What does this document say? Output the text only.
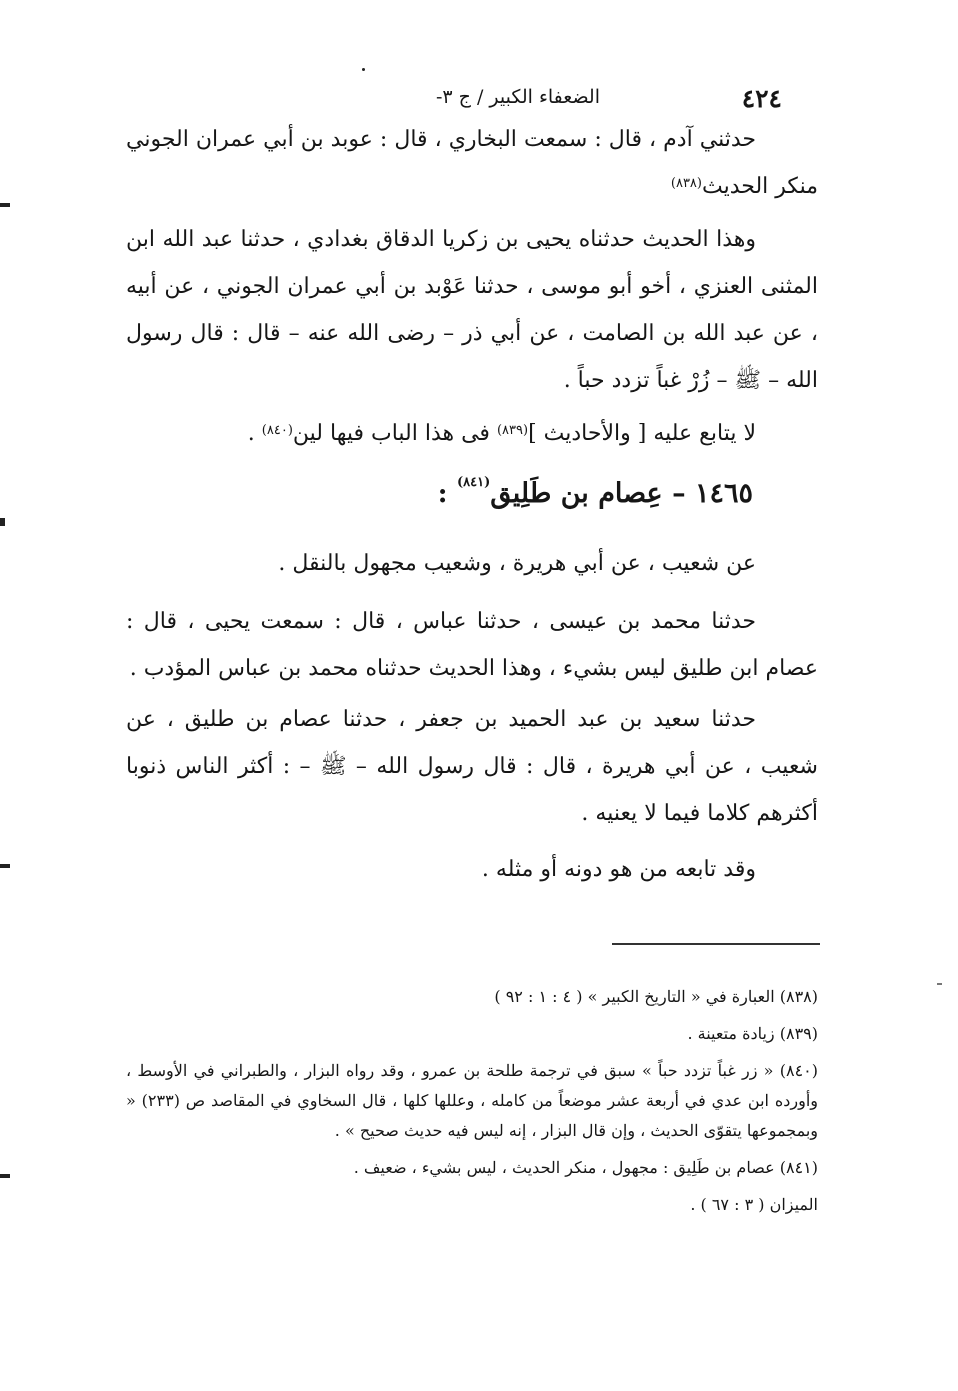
٤٢٤
الضعفاء الكبير / ج ٣-

حدثني آدم ، قال : سمعت البخاري ، قال : عوبد بن أبي عمران الجوني منكر الحديث$^{(٨٣٨)}$

وهذا الحديث حدثناه يحيى بن زكريا الدقاق بغدادي ، حدثنا عبد الله ابن المثنى العنزي ، أخو أبو موسى ، حدثنا عَوْبد بن أبي عمران الجوني ، عن أبيه ، عن عبد الله بن الصامت ، عن أبي ذر – رضى الله عنه – قال : قال رسول الله – ﷺ – زُرْ غباً تزدد حباً .

لا يتابع عليه [ والأحاديث ]$^{(٨٣٩)}$ فى هذا الباب فيها لين$^{(٨٤٠)}$ .

١٤٦٥ – عِصام بن طَلِيق$^{(٨٤١)}$ :

عن شعيب ، عن أبي هريرة ، وشعيب مجهول بالنقل .

حدثنا محمد بن عيسى ، حدثنا عباس ، قال : سمعت يحيى ، قال : عصام ابن طليق ليس بشيء ، وهذا الحديث حدثناه محمد بن عباس المؤدب .

حدثنا سعيد بن عبد الحميد بن جعفر ، حدثنا عصام بن طليق ، عن شعيب ، عن أبي هريرة ، قال : قال رسول الله – ﷺ – : أكثر الناس ذنوبا أكثرهم كلاما فيما لا يعنيه .

وقد تابعه من هو دونه أو مثله .

(٨٣٨) العبارة في « التاريخ الكبير » ( ٤ : ١ : ٩٢ )

(٨٣٩) زيادة متعينة .

(٨٤٠) « زر غباً تزدد حباً » سبق في ترجمة طلحة بن عمرو ، وقد رواه البزار ، والطبراني في الأوسط ، وأورده ابن عدي في أربعة عشر موضعاً من كامله ، وعللها كلها ، قال السخاوي في المقاصد ص (٢٣٣) « وبمجموعها يتقوّى الحديث ، وإن قال البزار ، إنه ليس فيه حديث صحيح » .

(٨٤١) عصام بن طَلِيق : مجهول ، منكر الحديث ، ليس بشيء ، ضعيف .

الميزان ( ٣ : ٦٧ ) .
